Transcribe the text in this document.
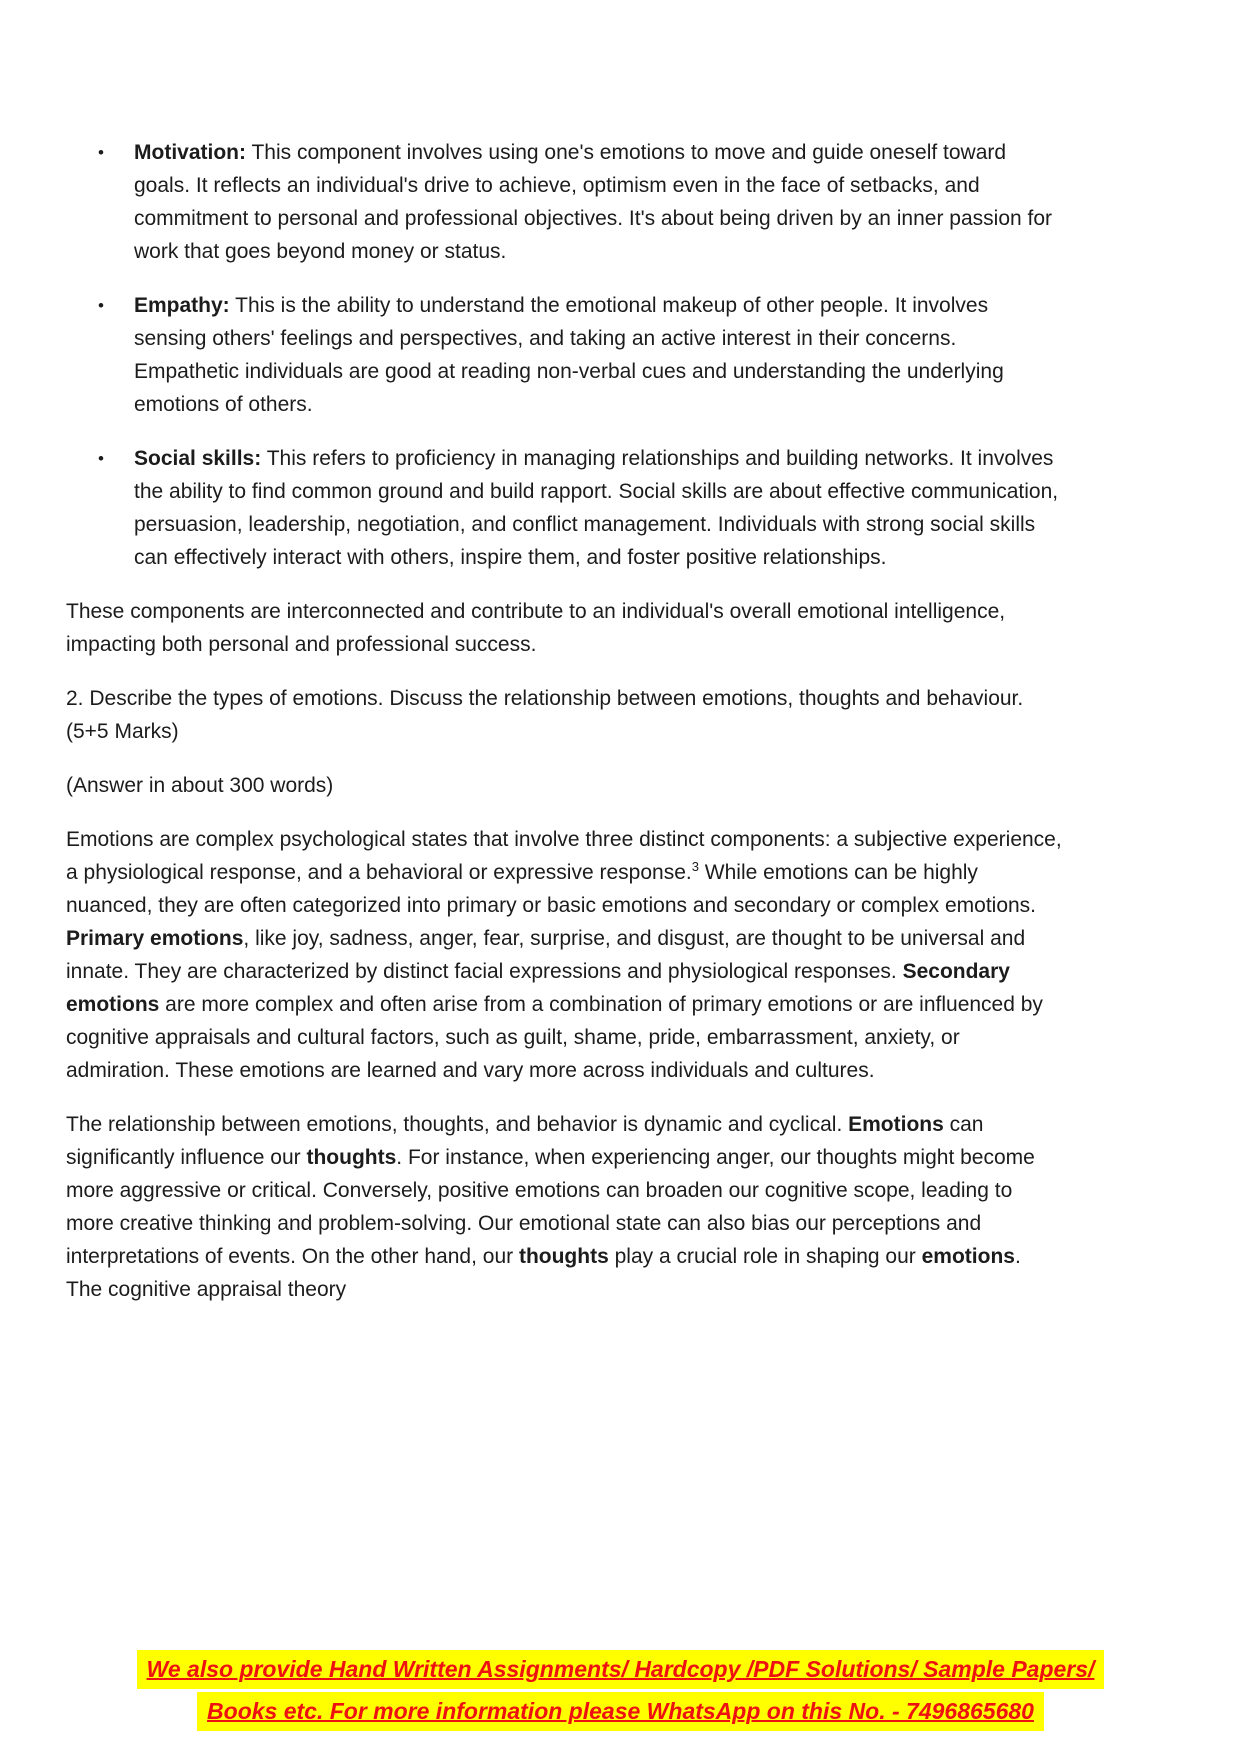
• Motivation: This component involves using one's emotions to move and guide oneself toward goals. It reflects an individual's drive to achieve, optimism even in the face of setbacks, and commitment to personal and professional objectives. It's about being driven by an inner passion for work that goes beyond money or status.
• Empathy: This is the ability to understand the emotional makeup of other people. It involves sensing others' feelings and perspectives, and taking an active interest in their concerns. Empathetic individuals are good at reading non-verbal cues and understanding the underlying emotions of others.
• Social skills: This refers to proficiency in managing relationships and building networks. It involves the ability to find common ground and build rapport. Social skills are about effective communication, persuasion, leadership, negotiation, and conflict management. Individuals with strong social skills can effectively interact with others, inspire them, and foster positive relationships.

These components are interconnected and contribute to an individual's overall emotional intelligence, impacting both personal and professional success.

2. Describe the types of emotions. Discuss the relationship between emotions, thoughts and behaviour. (5+5 Marks)

(Answer in about 300 words)

Emotions are complex psychological states that involve three distinct components: a subjective experience, a physiological response, and a behavioral or expressive response.$^3$ While emotions can be highly nuanced, they are often categorized into primary or basic emotions and secondary or complex emotions. Primary emotions, like joy, sadness, anger, fear, surprise, and disgust, are thought to be universal and innate. They are characterized by distinct facial expressions and physiological responses. Secondary emotions are more complex and often arise from a combination of primary emotions or are influenced by cognitive appraisals and cultural factors, such as guilt, shame, pride, embarrassment, anxiety, or admiration. These emotions are learned and vary more across individuals and cultures.

The relationship between emotions, thoughts, and behavior is dynamic and cyclical. Emotions can significantly influence our thoughts. For instance, when experiencing anger, our thoughts might become more aggressive or critical. Conversely, positive emotions can broaden our cognitive scope, leading to more creative thinking and problem-solving. Our emotional state can also bias our perceptions and interpretations of events. On the other hand, our thoughts play a crucial role in shaping our emotions. The cognitive appraisal theory

We also provide Hand Written Assignments/ Hardcopy /PDF Solutions/ Sample Papers/
Books etc. For more information please WhatsApp on this No. - 7496865680
